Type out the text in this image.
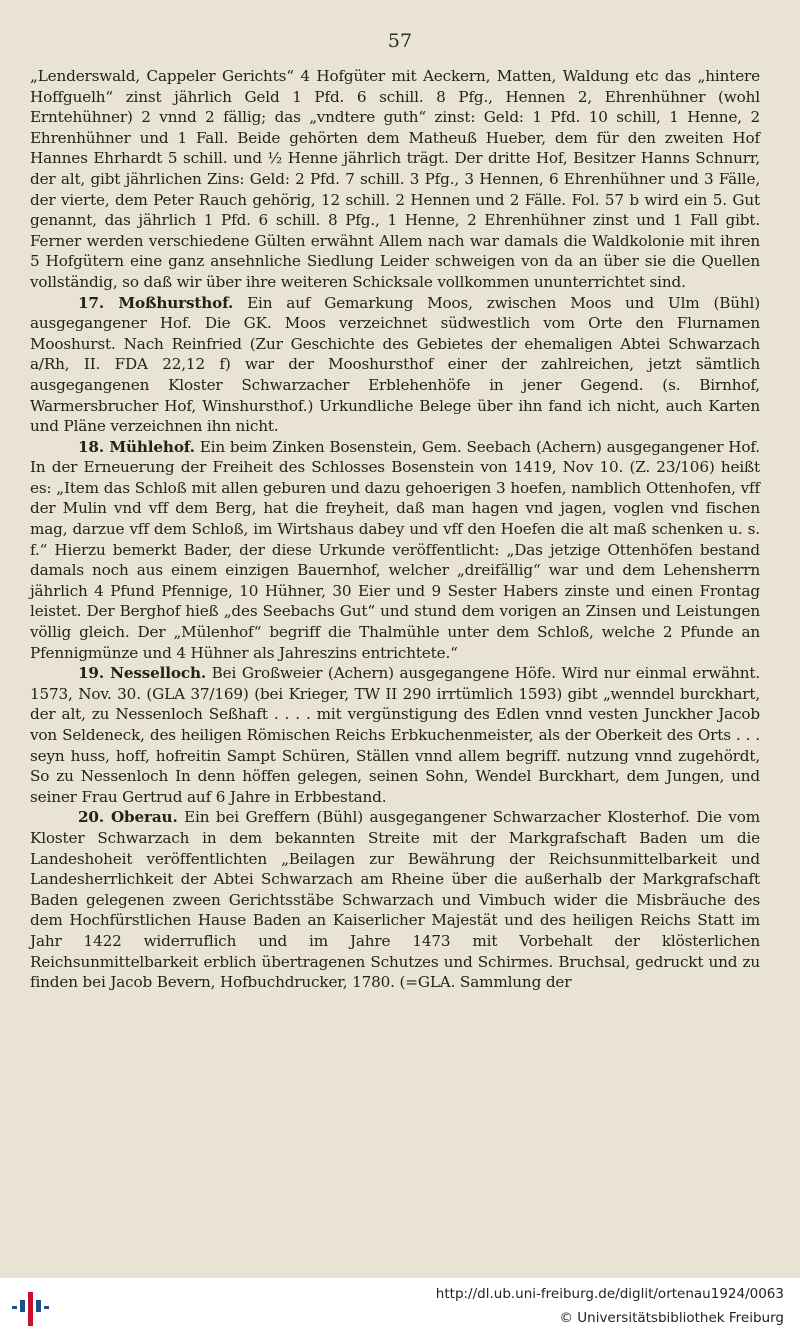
57

„Lenderswald, Cappeler Gerichts“ 4 Hofgüter mit Aeckern, Matten, Waldung etc das „hintere Hoffguelh“ zinst jährlich Geld 1 Pfd. 6 schill. 8 Pfg., Hennen 2, Ehrenhühner (wohl Erntehühner) 2 vnnd 2 fällig; das „vndtere guth“ zinst: Geld: 1 Pfd. 10 schill, 1 Henne, 2 Ehrenhühner und 1 Fall. Beide gehörten dem Matheuß Hueber, dem für den zweiten Hof Hannes Ehrhardt 5 schill. und ½ Henne jährlich trägt. Der dritte Hof, Besitzer Hanns Schnurr, der alt, gibt jährlichen Zins: Geld: 2 Pfd. 7 schill. 3 Pfg., 3 Hennen, 6 Ehrenhühner und 3 Fälle, der vierte, dem Peter Rauch gehörig, 12 schill. 2 Hennen und 2 Fälle. Fol. 57 b wird ein 5. Gut genannt, das jährlich 1 Pfd. 6 schill. 8 Pfg., 1 Henne, 2 Ehrenhühner zinst und 1 Fall gibt. Ferner werden verschiedene Gülten erwähnt Allem nach war damals die Waldkolonie mit ihren 5 Hofgütern eine ganz ansehnliche Siedlung Leider schweigen von da an über sie die Quellen vollständig, so daß wir über ihre weiteren Schicksale vollkommen ununterrichtet sind.

17. Moßhursthof. Ein auf Gemarkung Moos, zwischen Moos und Ulm (Bühl) ausgegangener Hof. Die GK. Moos verzeichnet südwestlich vom Orte den Flurnamen Mooshurst. Nach Reinfried (Zur Geschichte des Gebietes der ehemaligen Abtei Schwarzach a/Rh, II. FDA 22,12 f) war der Mooshursthof einer der zahlreichen, jetzt sämtlich ausgegangenen Kloster Schwarzacher Erblehenhöfe in jener Gegend. (s. Birnhof, Warmersbrucher Hof, Winshursthof.) Urkundliche Belege über ihn fand ich nicht, auch Karten und Pläne verzeichnen ihn nicht.

18. Mühlehof. Ein beim Zinken Bosenstein, Gem. Seebach (Achern) ausgegangener Hof. In der Erneuerung der Freiheit des Schlosses Bosenstein von 1419, Nov 10. (Z. 23/106) heißt es: „Item das Schloß mit allen geburen und dazu gehoerigen 3 hoefen, namblich Ottenhofen, vff der Mulin vnd vff dem Berg, hat die freyheit, daß man hagen vnd jagen, voglen vnd fischen mag, darzue vff dem Schloß, im Wirtshaus dabey und vff den Hoefen die alt maß schenken u. s. f.“ Hierzu bemerkt Bader, der diese Urkunde veröffentlicht: „Das jetzige Ottenhöfen bestand damals noch aus einem einzigen Bauernhof, welcher „dreifällig“ war und dem Lehensherrn jährlich 4 Pfund Pfennige, 10 Hühner, 30 Eier und 9 Sester Habers zinste und einen Frontag leistet. Der Berghof hieß „des Seebachs Gut“ und stund dem vorigen an Zinsen und Leistungen völlig gleich. Der „Mülenhof“ begriff die Thalmühle unter dem Schloß, welche 2 Pfunde an Pfennigmünze und 4 Hühner als Jahreszins entrichtete.“

19. Nesselloch. Bei Großweier (Achern) ausgegangene Höfe. Wird nur einmal erwähnt. 1573, Nov. 30. (GLA 37/169) (bei Krieger, TW II 290 irrtümlich 1593) gibt „wenndel burckhart, der alt, zu Nessenloch Seßhaft . . . . mit vergünstigung des Edlen vnnd vesten Junckher Jacob von Seldeneck, des heiligen Römischen Reichs Erbkuchenmeister, als der Oberkeit des Orts . . . seyn huss, hoff, hofreitin Sampt Schüren, Ställen vnnd allem begriff. nutzung vnnd zugehördt, So zu Nessenloch In denn höffen gelegen, seinen Sohn, Wendel Burckhart, dem Jungen, und seiner Frau Gertrud auf 6 Jahre in Erbbestand.

20. Oberau. Ein bei Greffern (Bühl) ausgegangener Schwarzacher Klosterhof. Die vom Kloster Schwarzach in dem bekannten Streite mit der Markgrafschaft Baden um die Landeshoheit veröffentlichten „Beilagen zur Bewährung der Reichsunmittelbarkeit und Landesherrlichkeit der Abtei Schwarzach am Rheine über die außerhalb der Markgrafschaft Baden gelegenen zween Gerichtsstäbe Schwarzach und Vimbuch wider die Misbräuche des dem Hochfürstlichen Hause Baden an Kaiserlicher Majestät und des heiligen Reichs Statt im Jahr 1422 widerruflich und im Jahre 1473 mit Vorbehalt der klösterlichen Reichsunmittelbarkeit erblich übertragenen Schutzes und Schirmes. Bruchsal, gedruckt und zu finden bei Jacob Bevern, Hofbuchdrucker, 1780. (=GLA. Sammlung der

http://dl.ub.uni-freiburg.de/diglit/ortenau1924/0063
© Universitätsbibliothek Freiburg
